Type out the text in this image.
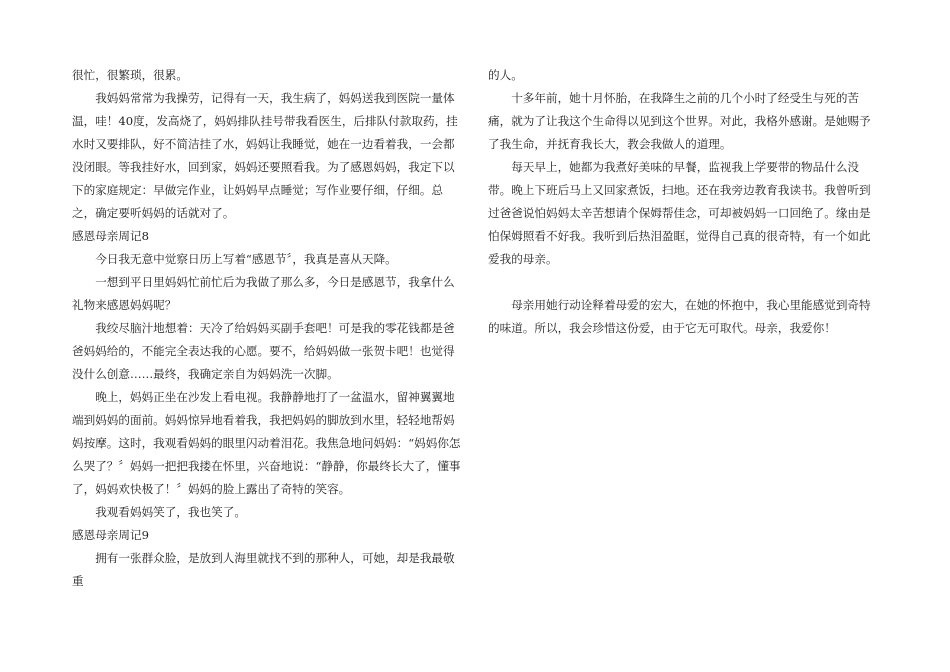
很忙，很繁琐，很累。

我妈妈常常为我操劳，记得有一天，我生病了，妈妈送我到医院一量体温，哇！40度，发高烧了，妈妈排队挂号带我看医生，后排队付款取药，挂水时又要排队，好不简洁挂了水，妈妈让我睡觉，她在一边看着我，一会都没闭眼。等我挂好水，回到家，妈妈还要照看我。为了感恩妈妈，我定下以下的家庭规定：早做完作业，让妈妈早点睡觉；写作业要仔细，仔细。总之，确定要听妈妈的话就对了。

感恩母亲周记8

今日我无意中觉察日历上写着“感恩节〞，我真是喜从天降。

一想到平日里妈妈忙前忙后为我做了那么多，今日是感恩节，我拿什么礼物来感恩妈妈呢？

我绞尽脑汁地想着：天冷了给妈妈买副手套吧！可是我的零花钱都是爸爸妈妈给的，不能完全表达我的心愿。要不，给妈妈做一张贺卡吧！也觉得没什么创意……最终，我确定亲自为妈妈洗一次脚。

晚上，妈妈正坐在沙发上看电视。我静静地打了一盆温水，留神翼翼地端到妈妈的面前。妈妈惊异地看着我，我把妈妈的脚放到水里，轻轻地帮妈妈按摩。这时，我观看妈妈的眼里闪动着泪花。我焦急地问妈妈：“妈妈你怎么哭了？〞妈妈一把把我搂在怀里，兴奋地说：“静静，你最终长大了，懂事了，妈妈欢快极了！〞妈妈的脸上露出了奇特的笑容。

我观看妈妈笑了，我也笑了。

感恩母亲周记9

拥有一张群众脸，是放到人海里就找不到的那种人，可她，却是我最敬重

的人。

十多年前，她十月怀胎，在我降生之前的几个小时了经受生与死的苦痛，就为了让我这个生命得以见到这个世界。对此，我格外感谢。是她赐予了我生命，并抚育我长大，教会我做人的道理。

每天早上，她都为我煮好美味的早餐，监视我上学要带的物品什么没带。晚上下班后马上又回家煮饭，扫地。还在我旁边教育我读书。我曾听到过爸爸说怕妈妈太辛苦想请个保姆帮佳念，可却被妈妈一口回绝了。缘由是怕保姆照看不好我。我听到后热泪盈眶，觉得自己真的很奇特，有一个如此爱我的母亲。

母亲用她行动诠释着母爱的宏大，在她的怀抱中，我心里能感觉到奇特的味道。所以，我会珍惜这份爱，由于它无可取代。母亲，我爱你！
